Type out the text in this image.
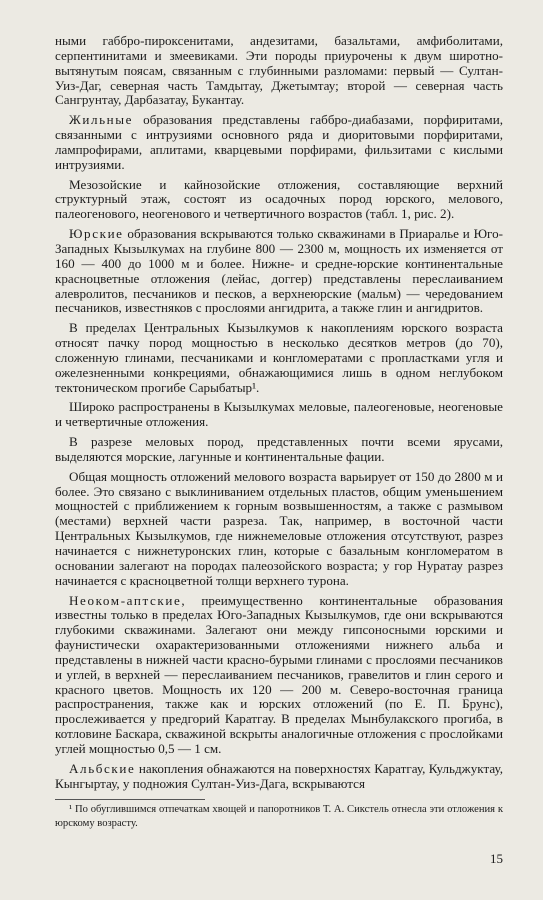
ными габбро-пироксенитами, андезитами, базальтами, амфиболитами, серпентинитами и змеевиками. Эти породы приурочены к двум широтно-вытянутым поясам, связанным с глубинными разломами: первый — Султан-Уиз-Даг, северная часть Тамдытау, Джетымтау; второй — северная часть Сангрунтау, Дарбазатау, Букантау.

Жильные образования представлены габбро-диабазами, порфиритами, связанными с интрузиями основного ряда и диоритовыми порфиритами, лампрофирами, аплитами, кварцевыми порфирами, фильзитами с кислыми интрузиями.

Мезозойские и кайнозойские отложения, составляющие верхний структурный этаж, состоят из осадочных пород юрского, мелового, палеогенового, неогенового и четвертичного возрастов (табл. 1, рис. 2).

Юрские образования вскрываются только скважинами в Приаралье и Юго-Западных Кызылкумах на глубине 800 — 2300 м, мощность их изменяется от 160 — 400 до 1000 м и более. Нижне- и средне-юрские континентальные красноцветные отложения (лейас, доггер) представлены переслаиванием алевролитов, песчаников и песков, а верхнеюрские (мальм) — чередованием песчаников, известняков с прослоями ангидрита, а также глин и ангидритов.

В пределах Центральных Кызылкумов к накоплениям юрского возраста относят пачку пород мощностью в несколько десятков метров (до 70), сложенную глинами, песчаниками и конгломератами с пропластками угля и ожелезненными конкрециями, обнажающимися лишь в одном неглубоком тектоническом прогибе Сарыбатыр¹.

Широко распространены в Кызылкумах меловые, палеогеновые, неогеновые и четвертичные отложения.

В разрезе меловых пород, представленных почти всеми ярусами, выделяются морские, лагунные и континентальные фации.

Общая мощность отложений мелового возраста варьирует от 150 до 2800 м и более. Это связано с выклиниванием отдельных пластов, общим уменьшением мощностей с приближением к горным возвышенностям, а также с размывом (местами) верхней части разреза. Так, например, в восточной части Центральных Кызылкумов, где нижнемеловые отложения отсутствуют, разрез начинается с нижнетуронских глин, которые с базальным конгломератом в основании залегают на породах палеозойского возраста; у гор Нуратау разрез начинается с красноцветной толщи верхнего турона.

Неоком-аптские, преимущественно континентальные образования известны только в пределах Юго-Западных Кызылкумов, где они вскрываются глубокими скважинами. Залегают они между гипсоносными юрскими и фаунистически охарактеризованными отложениями нижнего альба и представлены в нижней части красно-бурыми глинами с прослоями песчаников и углей, в верхней — переслаиванием песчаников, гравелитов и глин серого и красного цветов. Мощность их 120 — 200 м. Северо-восточная граница распространения, также как и юрских отложений (по Е. П. Брунс), прослеживается у предгорий Каратгау. В пределах Мынбулакского прогиба, в котловине Баскара, скважиной вскрыты аналогичные отложения с прослойками углей мощностью 0,5 — 1 см.

Альбские накопления обнажаются на поверхностях Каратгау, Кульджуктау, Кынгыртау, у подножия Султан-Уиз-Дага, вскрываются

¹ По обуглившимся отпечаткам хвощей и папоротников Т. А. Сикстель отнесла эти отложения к юрскому возрасту.
15
